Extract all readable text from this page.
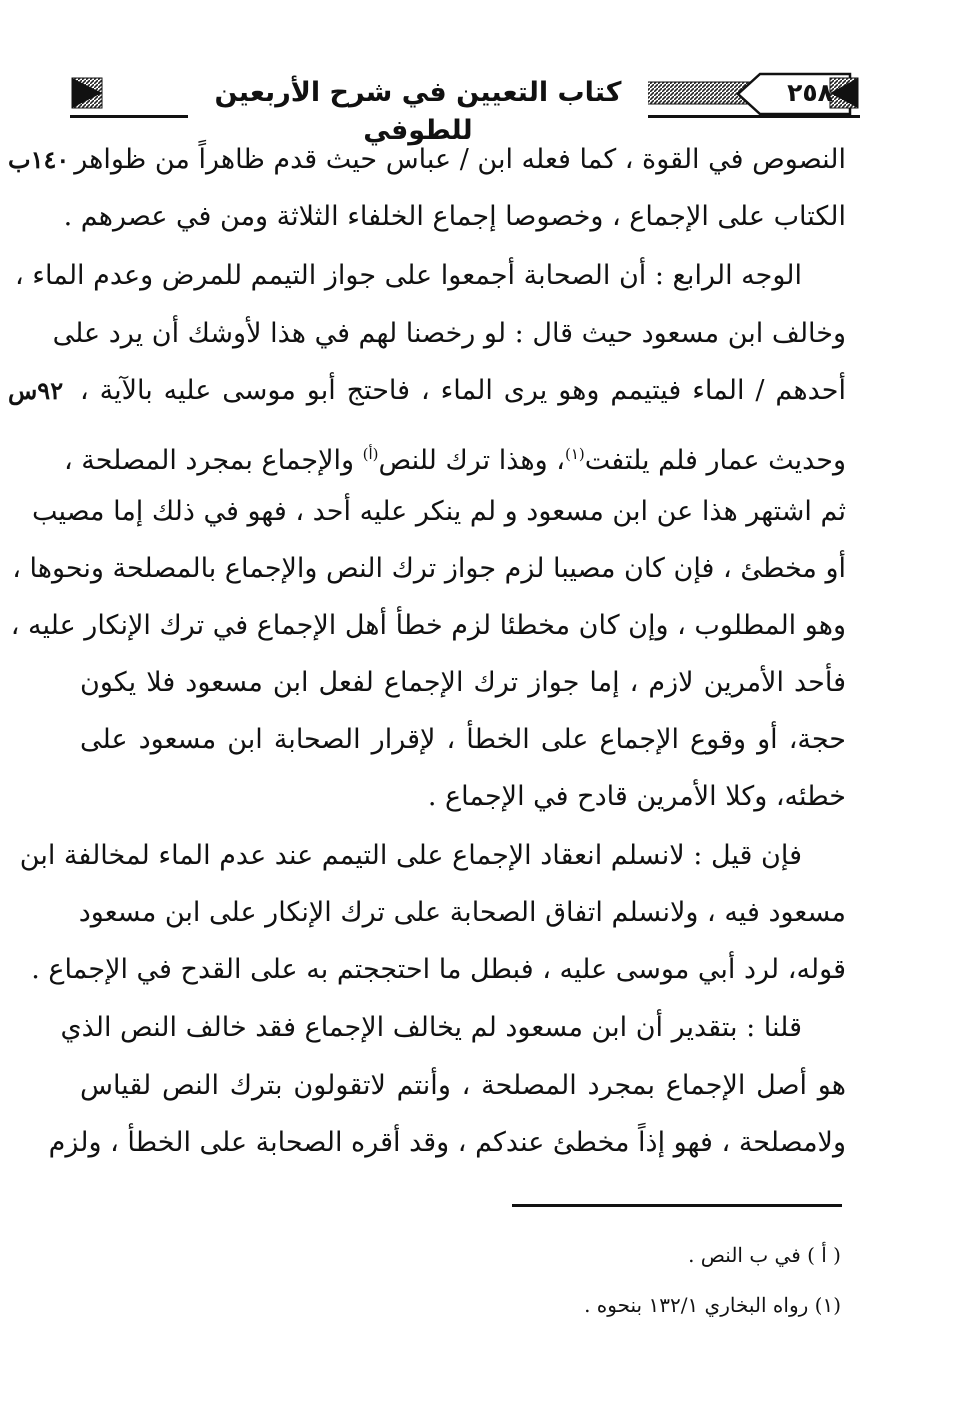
كتاب التعيين في شرح الأربعين للطوفي
٢٥٨
١٤٠ب
٩٢س
النصوص في القوة ، كما فعله ابن / عباس حيث قدم ظاهراً من ظواهر
الكتاب على الإجماع ، وخصوصا إجماع الخلفاء الثلاثة ومن في عصرهم .
الوجه الرابع : أن الصحابة أجمعوا على جواز التيمم للمرض وعدم الماء ،
وخالف ابن مسعود حيث قال : لو رخصنا لهم في هذا لأوشك أن يرد على
أحدهم / الماء فيتيمم وهو يرى الماء ، فاحتج أبو موسى عليه بالآية ،
وحديث عمار فلم يلتفت$^{(١)}$، وهذا ترك للنص$^{(أ)}$ والإجماع بمجرد المصلحة ،
ثم اشتهر هذا عن ابن مسعود و لم ينكر عليه أحد ، فهو في ذلك إما مصيب
أو مخطئ ، فإن كان مصيبا لزم جواز ترك النص والإجماع بالمصلحة ونحوها ،
وهو المطلوب ، وإن كان مخطئا لزم خطأ أهل الإجماع في ترك الإنكار عليه ،
فأحد الأمرين لازم ، إما جواز ترك الإجماع لفعل ابن مسعود فلا يكون
حجة، أو وقوع الإجماع على الخطأ ، لإقرار الصحابة ابن مسعود على
خطئه، وكلا الأمرين قادح في الإجماع .
فإن قيل : لانسلم انعقاد الإجماع على التيمم عند عدم الماء لمخالفة ابن
مسعود فيه ، ولانسلم اتفاق الصحابة على ترك الإنكار على ابن مسعود
قوله، لرد أبي موسى عليه ، فبطل ما احتججتم به على القدح في الإجماع .
قلنا : بتقدير أن ابن مسعود لم يخالف الإجماع فقد خالف النص الذي
هو أصل الإجماع بمجرد المصلحة ، وأنتم لاتقولون بترك النص لقياس
ولامصلحة ، فهو إذاً مخطئ عندكم ، وقد أقره الصحابة على الخطأ ، ولزم
( أ ) في ب النص .
(١) رواه البخاري ١٣٢/١ بنحوه .
